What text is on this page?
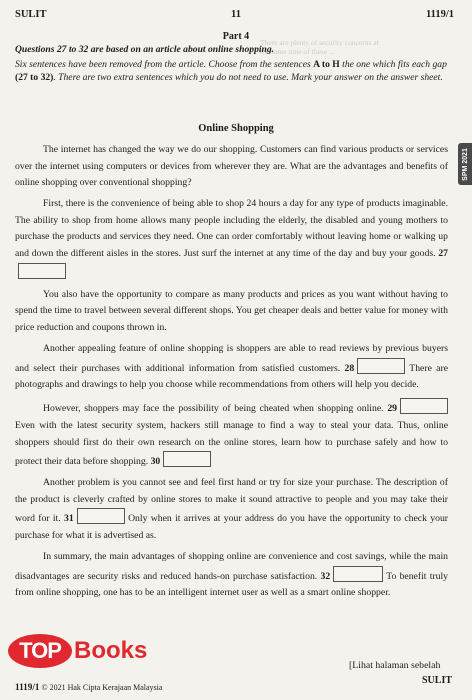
SULIT	11	1119/1
There are plenty of security concerns at
the same time of these ...
Part 4
Questions 27 to 32 are based on an article about online shopping.
Six sentences have been removed from the article. Choose from the sentences A to H the one which fits each gap (27 to 32). There are two extra sentences which you do not need to use. Mark your answer on the answer sheet.
Online Shopping

The internet has changed the way we do our shopping. Customers can find various products or services over the internet using computers or devices from wherever they are. What are the advantages and benefits of online shopping over conventional shopping?

First, there is the convenience of being able to shop 24 hours a day for any type of products imaginable. The ability to shop from home allows many people including the elderly, the disabled and young mothers to purchase the products and services they need. One can order comfortably without leaving home or walking up and down the different aisles in the stores. Just surf the internet at any time of the day and buy your goods. 27

You also have the opportunity to compare as many products and prices as you want without having to spend the time to travel between several different shops. You get cheaper deals and better value for money with price reduction and coupons thrown in.

Another appealing feature of online shopping is shoppers are able to read reviews by previous buyers and select their purchases with additional information from satisfied customers. 28	There are photographs and drawings to help you choose while recommendations from others will help you decide.

However, shoppers may face the possibility of being cheated when shopping online. 29 Even with the latest security system, hackers still manage to find a way to steal your data. Thus, online shoppers should first do their own research on the online stores, learn how to purchase safely and how to protect their data before shopping. 30

Another problem is you cannot see and feel first hand or try for size your purchase. The description of the product is cleverly crafted by online stores to make it sound attractive to people and you may take their word for it. 31	Only when it arrives at your address do you have the opportunity to check your purchase for what it is advertised as.

In summary, the main advantages of shopping online are convenience and cost savings, while the main disadvantages are security risks and reduced hands-on purchase satisfaction. 32	To benefit truly from online shopping, one has to be an intelligent internet user as well as a smart online shopper.

SPM 2021
TOP Books
[Lihat halaman sebelah
SULIT
1119/1 © 2021 Hak Cipta Kerajaan Malaysia
